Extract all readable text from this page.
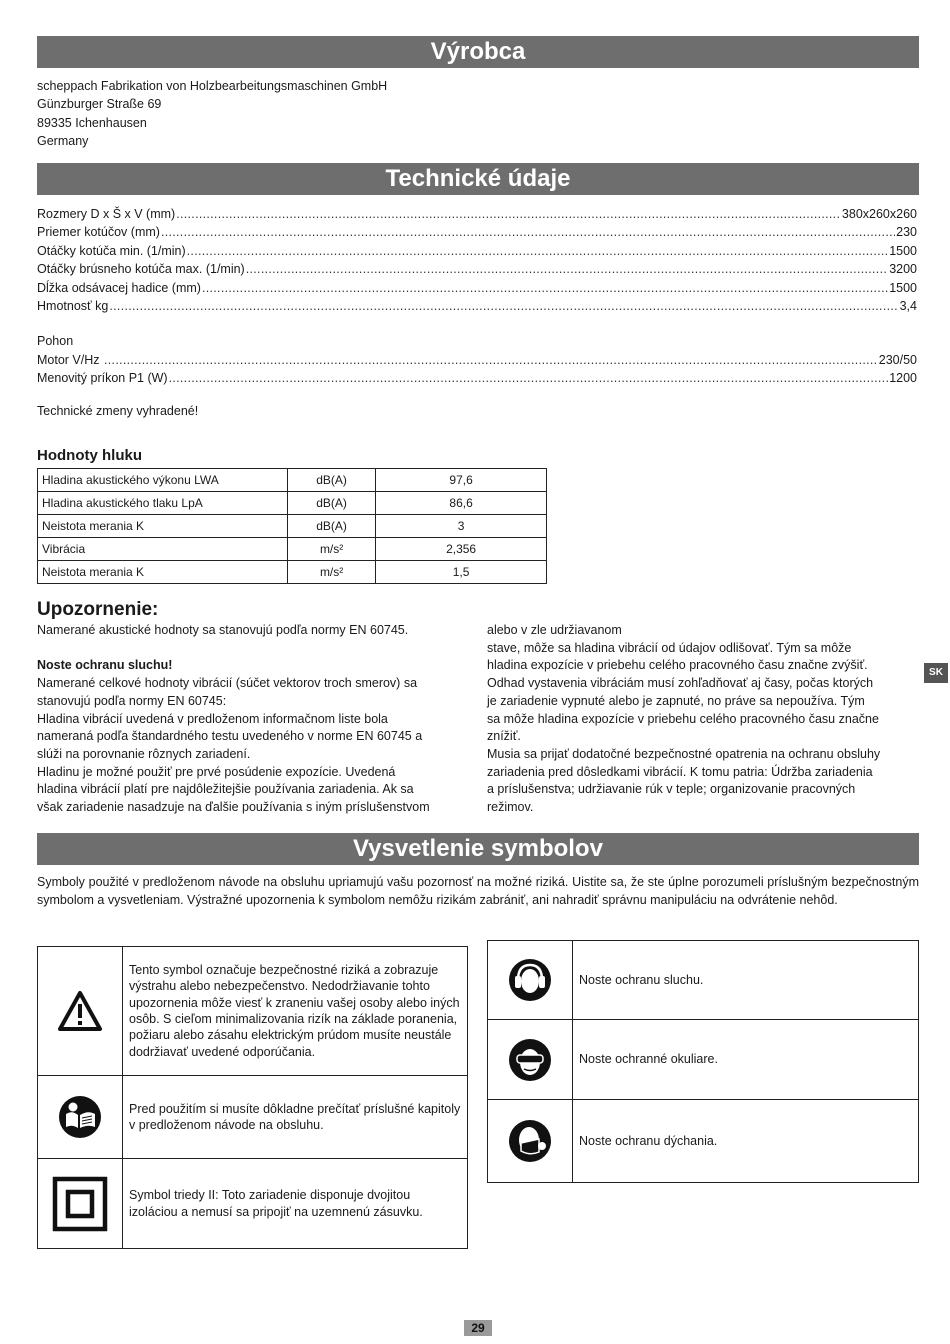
Výrobca
scheppach Fabrikation von Holzbearbeitungsmaschinen GmbH
Günzburger Straße 69
89335 Ichenhausen
Germany
Technické údaje
Rozmery D x Š x V (mm) .....	380x260x260
Priemer kotúčov (mm) .....	230
Otáčky kotúča min. (1/min) .....	1500
Otáčky brúsneho kotúča max. (1/min) .....	3200
Dĺžka odsávacej hadice (mm) .....	1500
Hmotnosť kg .....	3,4
Pohon
Motor V/Hz .....	230/50
Menovitý príkon P1 (W) .....	1200
Technické zmeny vyhradené!
Hodnoty hluku
Hladina akustického výkonu LWA	dB(A)	97,6
Hladina akustického tlaku LpA	dB(A)	86,6
Neistota merania K	dB(A)	3
Vibrácia	m/s²	2,356
Neistota merania K	m/s²	1,5
Upozornenie:
Namerané akustické hodnoty sa stanovujú podľa normy EN 60745.
Noste ochranu sluchu!
Namerané celkové hodnoty vibrácií (súčet vektorov troch smerov) sa
stanovujú podľa normy EN 60745:
Hladina vibrácií uvedená v predloženom informačnom liste bola
nameraná podľa štandardného testu uvedeného v norme EN 60745 a
slúži na porovnanie rôznych zariadení.
Hladinu je možné použiť pre prvé posúdenie expozície. Uvedená
hladina vibrácií platí pre najdôležitejšie používania zariadenia. Ak sa
však zariadenie nasadzuje na ďalšie používania s iným príslušenstvom
alebo v zle udržiavanom
stave, môže sa hladina vibrácií od údajov odlišovať. Tým sa môže
hladina expozície v priebehu celého pracovného času značne zvýšiť.
Odhad vystavenia vibráciám musí zohľadňovať aj časy, počas ktorých
je zariadenie vypnuté alebo je zapnuté, no práve sa nepoužíva. Tým
sa môže hladina expozície v priebehu celého pracovného času značne
znížiť.
Musia sa prijať dodatočné bezpečnostné opatrenia na ochranu obsluhy
zariadenia pred dôsledkami vibrácií. K tomu patria: Údržba zariadenia
a príslušenstva; udržiavanie rúk v teple; organizovanie pracovných
režimov.
SK
Vysvetlenie symbolov
Symboly použité v predloženom návode na obsluhu upriamujú vašu pozornosť na možné riziká. Uistite sa, že ste úplne porozumeli príslušným bezpečnostným symbolom a vysvetleniam. Výstražné upozornenia k symbolom nemôžu rizikám zabrániť, ani nahradiť správnu manipuláciu na odvrátenie nehôd.
Tento symbol označuje bezpečnostné riziká a zobrazuje výstrahu alebo nebezpečenstvo. Nedodržiavanie tohto upozornenia môže viesť k zraneniu vašej osoby alebo iných osôb. S cieľom minimalizovania rizík na základe poranenia, požiaru alebo zásahu elektrickým prúdom musíte neustále dodržiavať uvedené odporúčania.
Pred použitím si musíte dôkladne prečítať príslušné kapitoly v predloženom návode na obsluhu.
Symbol triedy II: Toto zariadenie disponuje dvojitou izoláciou a nemusí sa pripojiť na uzemnenú zásuvku.
Noste ochranu sluchu.
Noste ochranné okuliare.
Noste ochranu dýchania.
29
